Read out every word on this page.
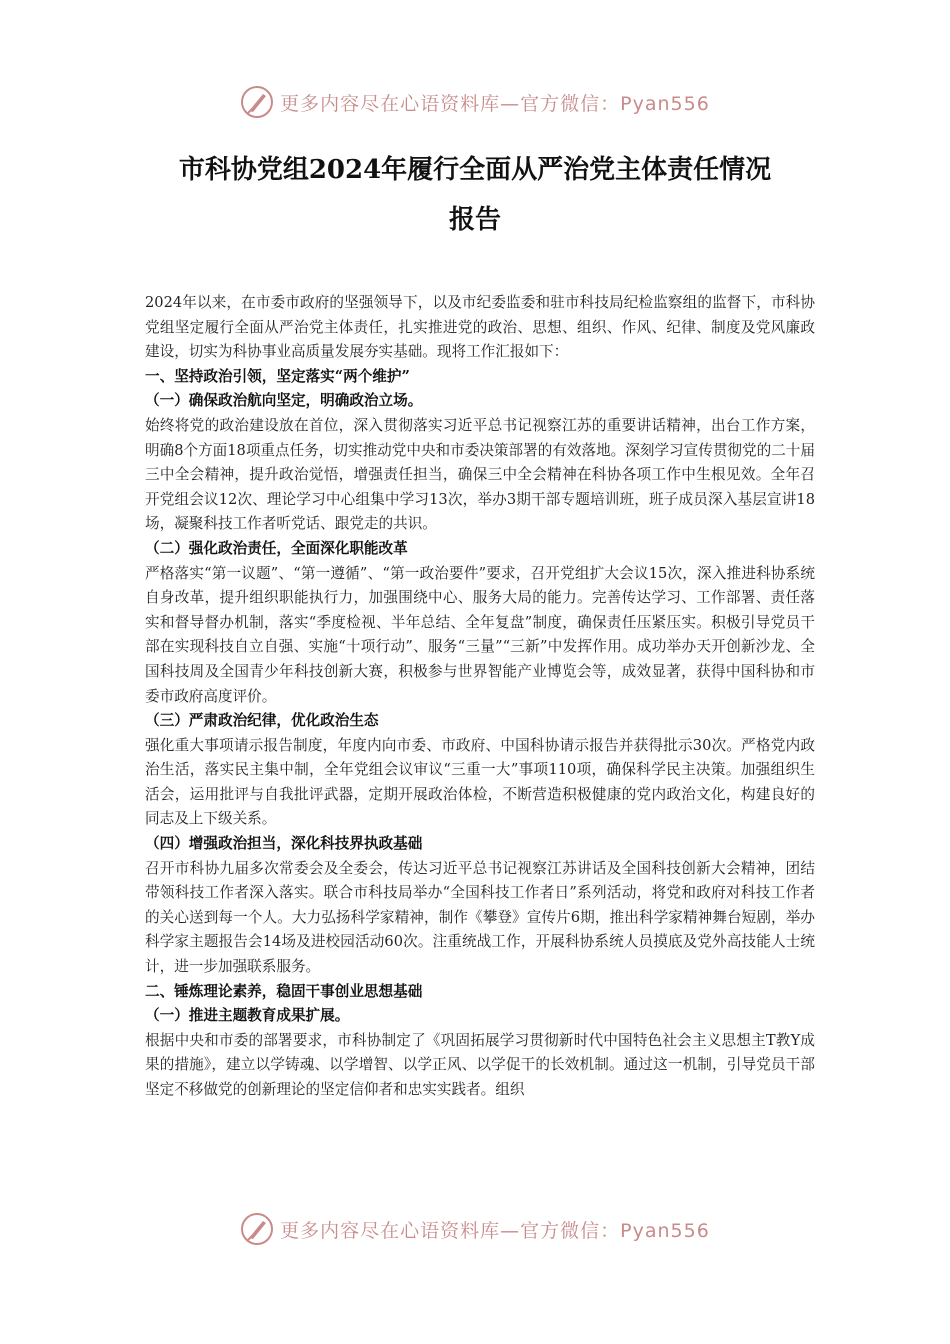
更多内容尽在心语资料库—官方微信：Pyan556
市科协党组2024年履行全面从严治党主体责任情况
报告

2024年以来，在市委市政府的坚强领导下，以及市纪委监委和驻市科技局纪检监察组的监督下，市科协党组坚定履行全面从严治党主体责任，扎实推进党的政治、思想、组织、作风、纪律、制度及党风廉政建设，切实为科协事业高质量发展夯实基础。现将工作汇报如下：

一、坚持政治引领，坚定落实“两个维护”

（一）确保政治航向坚定，明确政治立场。

始终将党的政治建设放在首位，深入贯彻落实习近平总书记视察江苏的重要讲话精神，出台工作方案，明确8个方面18项重点任务，切实推动党中央和市委决策部署的有效落地。深刻学习宣传贯彻党的二十届三中全会精神，提升政治觉悟，增强责任担当，确保三中全会精神在科协各项工作中生根见效。全年召开党组会议12次、理论学习中心组集中学习13次，举办3期干部专题培训班，班子成员深入基层宣讲18场，凝聚科技工作者听党话、跟党走的共识。

（二）强化政治责任，全面深化职能改革

严格落实“第一议题”、“第一遵循”、“第一政治要件”要求，召开党组扩大会议15次，深入推进科协系统自身改革，提升组织职能执行力，加强围绕中心、服务大局的能力。完善传达学习、工作部署、责任落实和督导督办机制，落实“季度检视、半年总结、全年复盘”制度，确保责任压紧压实。积极引导党员干部在实现科技自立自强、实施“十项行动”、服务“三量”“三新”中发挥作用。成功举办天开创新沙龙、全国科技周及全国青少年科技创新大赛，积极参与世界智能产业博览会等，成效显著，获得中国科协和市委市政府高度评价。

（三）严肃政治纪律，优化政治生态

强化重大事项请示报告制度，年度内向市委、市政府、中国科协请示报告并获得批示30次。严格党内政治生活，落实民主集中制，全年党组会议审议“三重一大”事项110项，确保科学民主决策。加强组织生活会，运用批评与自我批评武器，定期开展政治体检，不断营造积极健康的党内政治文化，构建良好的同志及上下级关系。

（四）增强政治担当，深化科技界执政基础

召开市科协九届多次常委会及全委会，传达习近平总书记视察江苏讲话及全国科技创新大会精神，团结带领科技工作者深入落实。联合市科技局举办“全国科技工作者日”系列活动，将党和政府对科技工作者的关心送到每一个人。大力弘扬科学家精神，制作《攀登》宣传片6期，推出科学家精神舞台短剧，举办科学家主题报告会14场及进校园活动60次。注重统战工作，开展科协系统人员摸底及党外高技能人士统计，进一步加强联系服务。

二、锤炼理论素养，稳固干事创业思想基础

（一）推进主题教育成果扩展。

根据中央和市委的部署要求，市科协制定了《巩固拓展学习贯彻新时代中国特色社会主义思想主T教Y成果的措施》，建立以学铸魂、以学增智、以学正风、以学促干的长效机制。通过这一机制，引导党员干部坚定不移做党的创新理论的坚定信仰者和忠实实践者。组织

更多内容尽在心语资料库—官方微信：Pyan556
